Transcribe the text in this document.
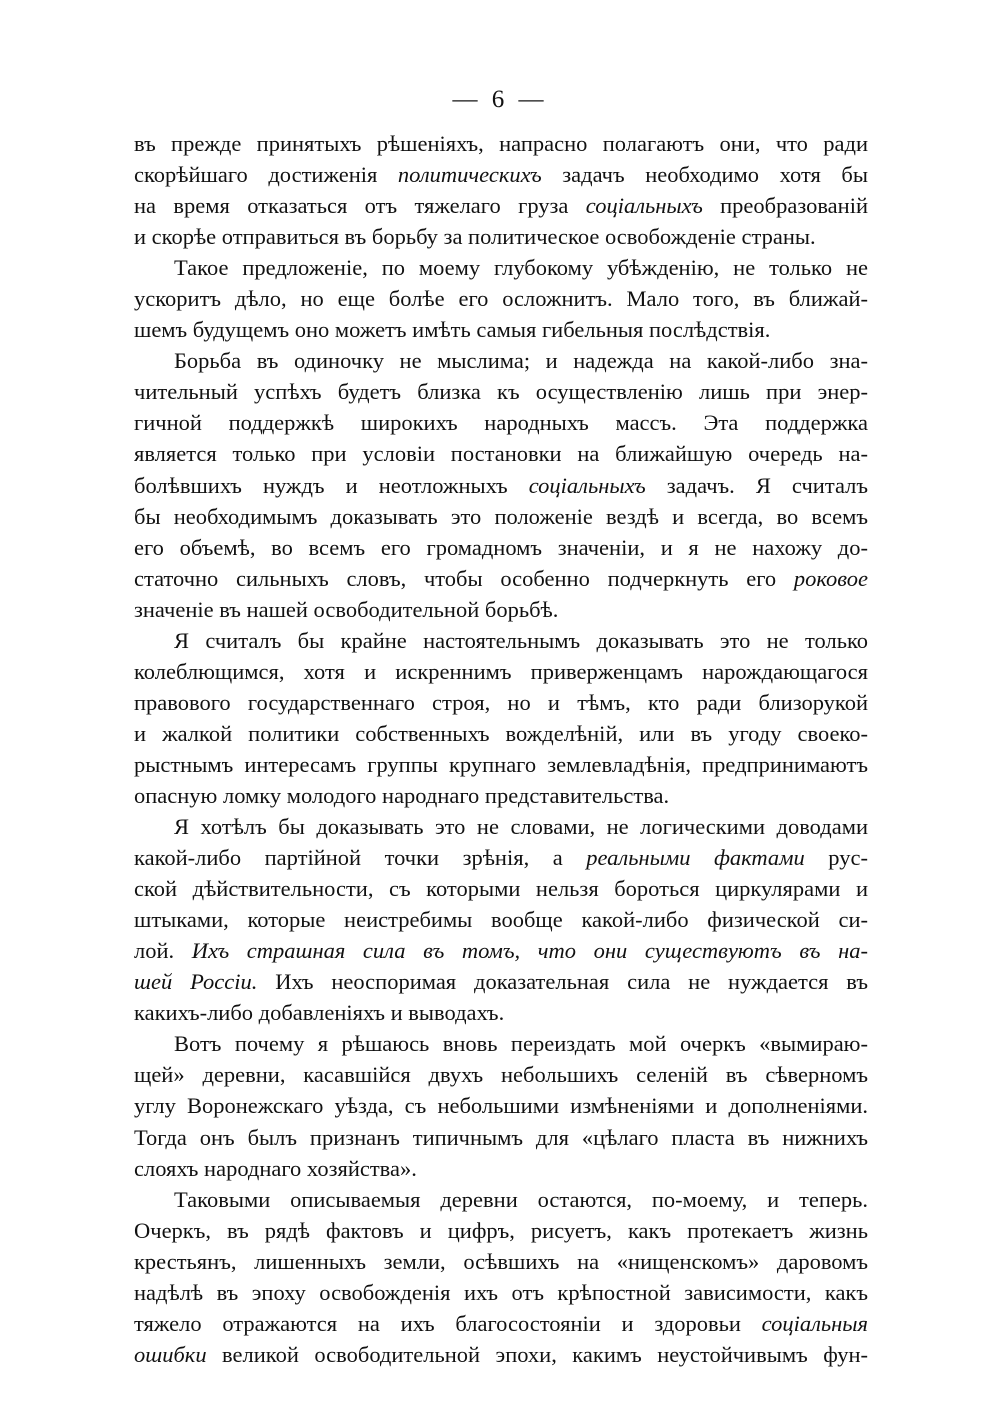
— 6 —
въ прежде принятыхъ рѣшеніяхъ, напрасно полагаютъ они, что ради
скорѣйшаго достиженія политическихъ задачъ необходимо хотя бы
на время отказаться отъ тяжелаго груза соціальныхъ преобразованій
и скорѣе отправиться въ борьбу за политическое освобожденіе страны.
Такое предложеніе, по моему глубокому убѣжденію, не только не
ускоритъ дѣло, но еще болѣе его осложнитъ. Мало того, въ ближай-
шемъ будущемъ оно можетъ имѣть самыя гибельныя послѣдствія.
Борьба въ одиночку не мыслима; и надежда на какой-либо зна-
чительный успѣхъ будетъ близка къ осуществленію лишь при энер-
гичной поддержкѣ широкихъ народныхъ массъ. Эта поддержка
является только при условіи постановки на ближайшую очередь на-
болѣвшихъ нуждъ и неотложныхъ соціальныхъ задачъ. Я считалъ
бы необходимымъ доказывать это положеніе вездѣ и всегда, во всемъ
его объемѣ, во всемъ его громадномъ значеніи, и я не нахожу до-
статочно сильныхъ словъ, чтобы особенно подчеркнуть его роковое
значеніе въ нашей освободительной борьбѣ.
Я считалъ бы крайне настоятельнымъ доказывать это не только
колеблющимся, хотя и искреннимъ приверженцамъ нарождающагося
правового государственнаго строя, но и тѣмъ, кто ради близорукой
и жалкой политики собственныхъ вожделѣній, или въ угоду своеко-
рыстнымъ интересамъ группы крупнаго землевладѣнія, предпринимаютъ
опасную ломку молодого народнаго представительства.
Я хотѣлъ бы доказывать это не словами, не логическими доводами
какой-либо партійной точки зрѣнія, а реальными фактами рус-
ской дѣйствительности, съ которыми нельзя бороться циркулярами и
штыками, которые неистребимы вообще какой-либо физической си-
лой. Ихъ страшная сила въ томъ, что они существуютъ въ на-
шей Россіи. Ихъ неоспоримая доказательная сила не нуждается въ
какихъ-либо добавленіяхъ и выводахъ.
Вотъ почему я рѣшаюсь вновь переиздать мой очеркъ «вымираю-
щей» деревни, касавшійся двухъ небольшихъ селеній въ сѣверномъ
углу Воронежскаго уѣзда, съ небольшими измѣненіями и дополненіями.
Тогда онъ былъ признанъ типичнымъ для «цѣлаго пласта въ нижнихъ
слояхъ народнаго хозяйства».
Таковыми описываемыя деревни остаются, по-моему, и теперь.
Очеркъ, въ рядѣ фактовъ и цифръ, рисуетъ, какъ протекаетъ жизнь
крестьянъ, лишенныхъ земли, осѣвшихъ на «нищенскомъ» даровомъ
надѣлѣ въ эпоху освобожденія ихъ отъ крѣпостной зависимости, какъ
тяжело отражаются на ихъ благосостояніи и здоровьи соціальныя
ошибки великой освободительной эпохи, какимъ неустойчивымъ фун-
